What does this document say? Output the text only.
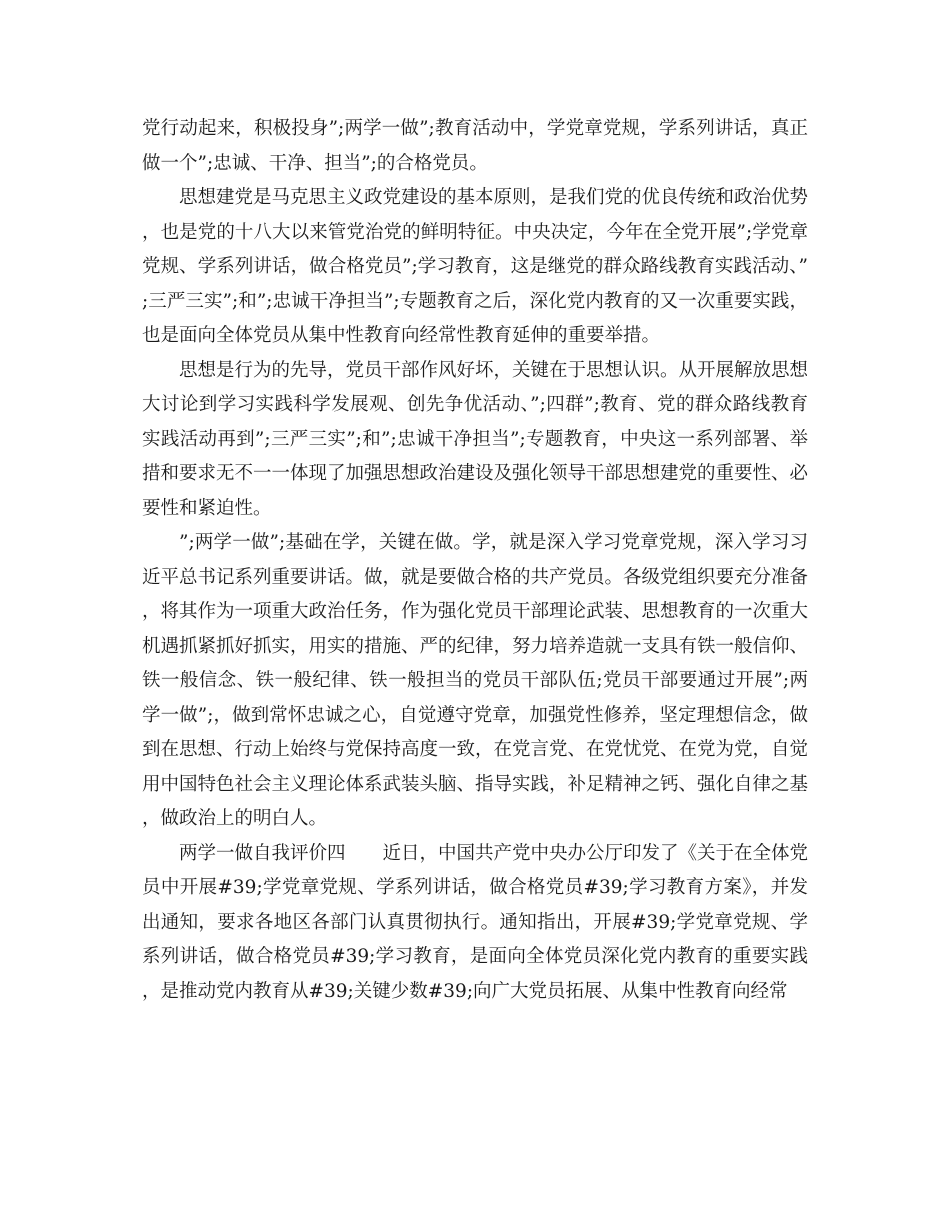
党行动起来，积极投身”;两学一做”;教育活动中，学党章党规，学系列讲话，真正做一个”;忠诚、干净、担当”;的合格党员。

思想建党是马克思主义政党建设的基本原则，是我们党的优良传统和政治优势，也是党的十八大以来管党治党的鲜明特征。中央决定，今年在全党开展”;学党章党规、学系列讲话，做合格党员”;学习教育，这是继党的群众路线教育实践活动、”;三严三实”;和”;忠诚干净担当”;专题教育之后，深化党内教育的又一次重要实践，也是面向全体党员从集中性教育向经常性教育延伸的重要举措。

思想是行为的先导，党员干部作风好坏，关键在于思想认识。从开展解放思想大讨论到学习实践科学发展观、创先争优活动、”;四群”;教育、党的群众路线教育实践活动再到”;三严三实”;和”;忠诚干净担当”;专题教育，中央这一系列部署、举措和要求无不一一体现了加强思想政治建设及强化领导干部思想建党的重要性、必要性和紧迫性。

”;两学一做”;基础在学，关键在做。学，就是深入学习党章党规，深入学习习近平总书记系列重要讲话。做，就是要做合格的共产党员。各级党组织要充分准备，将其作为一项重大政治任务，作为强化党员干部理论武装、思想教育的一次重大机遇抓紧抓好抓实，用实的措施、严的纪律，努力培养造就一支具有铁一般信仰、铁一般信念、铁一般纪律、铁一般担当的党员干部队伍;党员干部要通过开展”;两学一做”;，做到常怀忠诚之心，自觉遵守党章，加强党性修养，坚定理想信念，做到在思想、行动上始终与党保持高度一致，在党言党、在党忧党、在党为党，自觉用中国特色社会主义理论体系武装头脑、指导实践，补足精神之钙、强化自律之基，做政治上的明白人。

两学一做自我评价四　　近日，中国共产党中央办公厅印发了《关于在全体党员中开展#39;学党章党规、学系列讲话，做合格党员#39;学习教育方案》，并发出通知，要求各地区各部门认真贯彻执行。通知指出，开展#39;学党章党规、学系列讲话，做合格党员#39;学习教育，是面向全体党员深化党内教育的重要实践，是推动党内教育从#39;关键少数#39;向广大党员拓展、从集中性教育向经常
